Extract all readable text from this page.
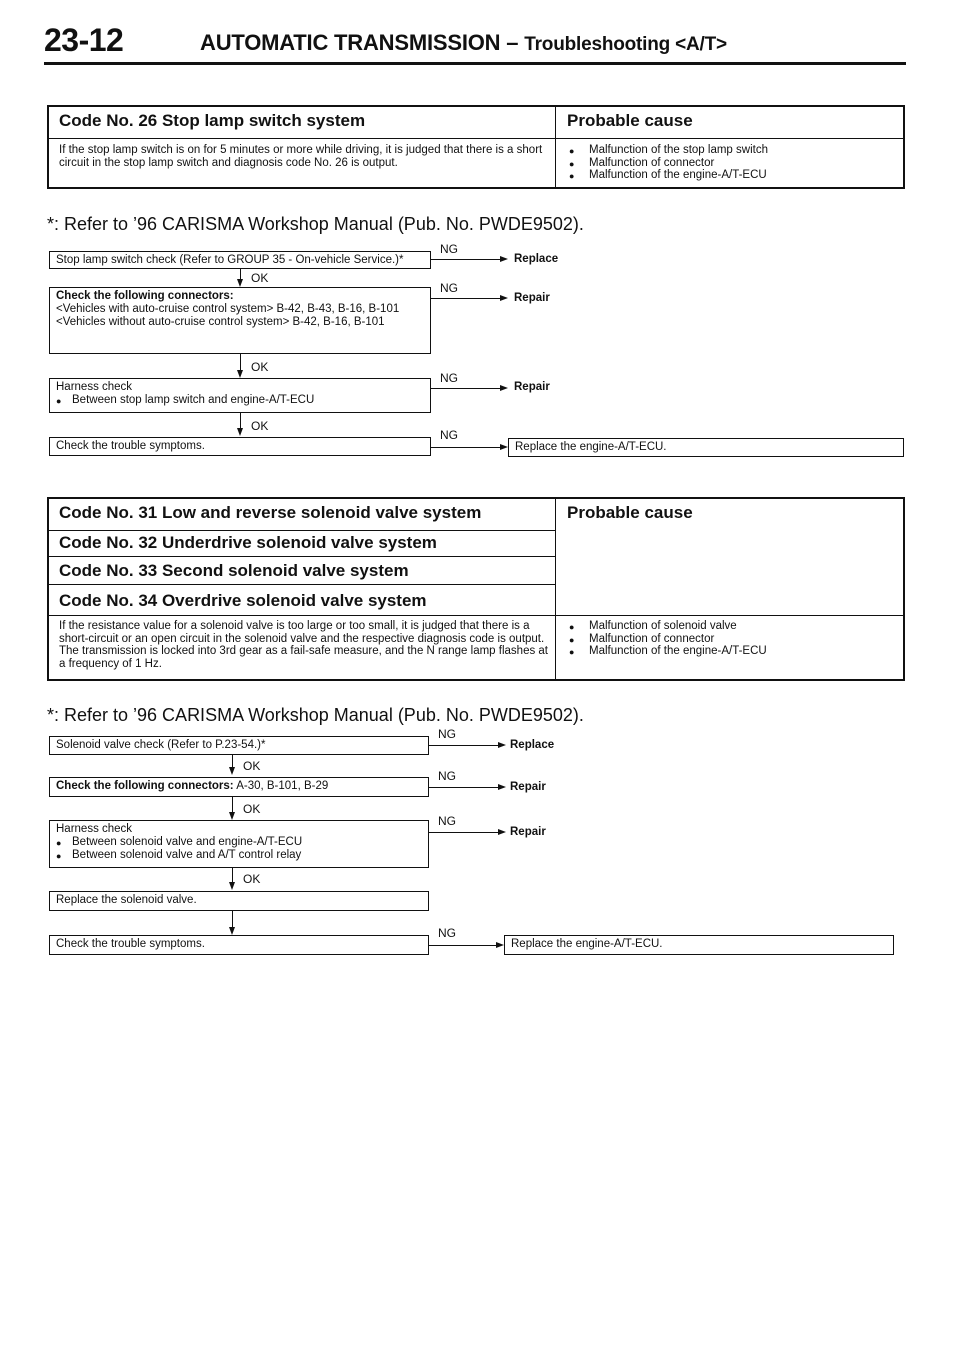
23-12	AUTOMATIC TRANSMISSION – Troubleshooting <A/T>
Code No. 26 Stop lamp switch system	Probable cause
If the stop lamp switch is on for 5 minutes or more while driving, it is judged that there is a short circuit in the stop lamp switch and diagnosis code No. 26 is output.
● Malfunction of the stop lamp switch
● Malfunction of connector
● Malfunction of the engine-A/T-ECU
*: Refer to ’96 CARISMA Workshop Manual (Pub. No. PWDE9502).
Stop lamp switch check (Refer to GROUP 35 - On-vehicle Service.)*
NG
Replace
OK
Check the following connectors:
<Vehicles with auto-cruise control system> B-42, B-43, B-16, B-101 <Vehicles without auto-cruise control system> B-42, B-16, B-101
NG
Repair
OK
Harness check
● Between stop lamp switch and engine-A/T-ECU
NG
Repair
OK
Check the trouble symptoms.
NG
Replace the engine-A/T-ECU.
Code No. 31 Low and reverse solenoid valve system
Code No. 32 Underdrive solenoid valve system
Code No. 33 Second solenoid valve system
Code No. 34 Overdrive solenoid valve system
Probable cause
If the resistance value for a solenoid valve is too large or too small, it is judged that there is a short-circuit or an open circuit in the solenoid valve and the respective diagnosis code is output. The transmission is locked into 3rd gear as a fail-safe measure, and the N range lamp flashes at a frequency of 1 Hz.
● Malfunction of solenoid valve
● Malfunction of connector
● Malfunction of the engine-A/T-ECU
*: Refer to ’96 CARISMA Workshop Manual (Pub. No. PWDE9502).
Solenoid valve check (Refer to P.23-54.)*
NG
Replace
OK
Check the following connectors: A-30, B-101, B-29
NG
Repair
OK
Harness check
● Between solenoid valve and engine-A/T-ECU
● Between solenoid valve and A/T control relay
NG
Repair
OK
Replace the solenoid valve.
Check the trouble symptoms.
NG
Replace the engine-A/T-ECU.
